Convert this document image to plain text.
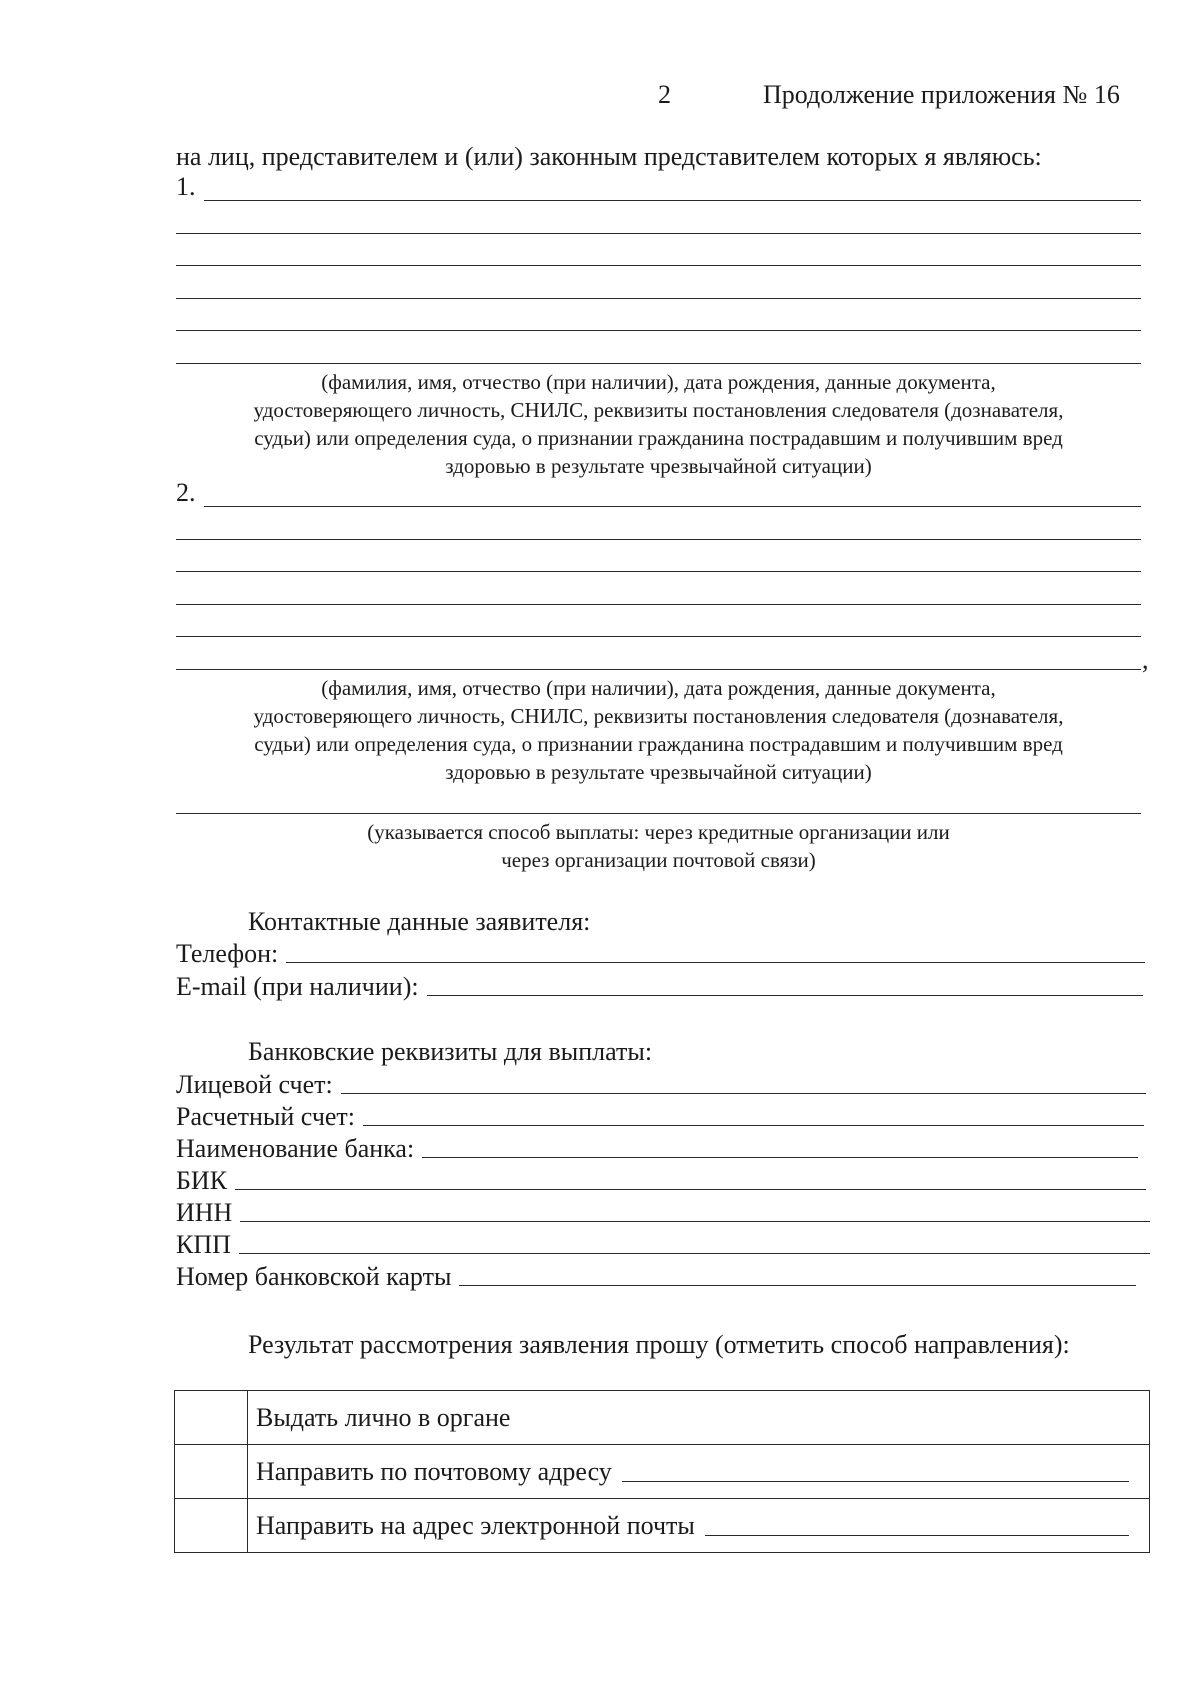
2	Продолжение приложения № 16
на лиц, представителем и (или) законным представителем которых я являюсь:
1.
(фамилия, имя, отчество (при наличии), дата рождения, данные документа,
удостоверяющего личность, СНИЛС, реквизиты постановления следователя (дознавателя,
судьи) или определения суда, о признании гражданина пострадавшим и получившим вред
здоровью в результате чрезвычайной ситуации)
2.
,
(фамилия, имя, отчество (при наличии), дата рождения, данные документа,
удостоверяющего личность, СНИЛС, реквизиты постановления следователя (дознавателя,
судьи) или определения суда, о признании гражданина пострадавшим и получившим вред
здоровью в результате чрезвычайной ситуации)
(указывается способ выплаты: через кредитные организации или
через организации почтовой связи)
Контактные данные заявителя:
Телефон:
E-mail (при наличии):
Банковские реквизиты для выплаты:
Лицевой счет:
Расчетный счет:
Наименование банка:
БИК
ИНН
КПП
Номер банковской карты
Результат рассмотрения заявления прошу (отметить способ направления):

	Выдать лично в органе

	Направить по почтовому адресу

	Направить на адрес электронной почты
